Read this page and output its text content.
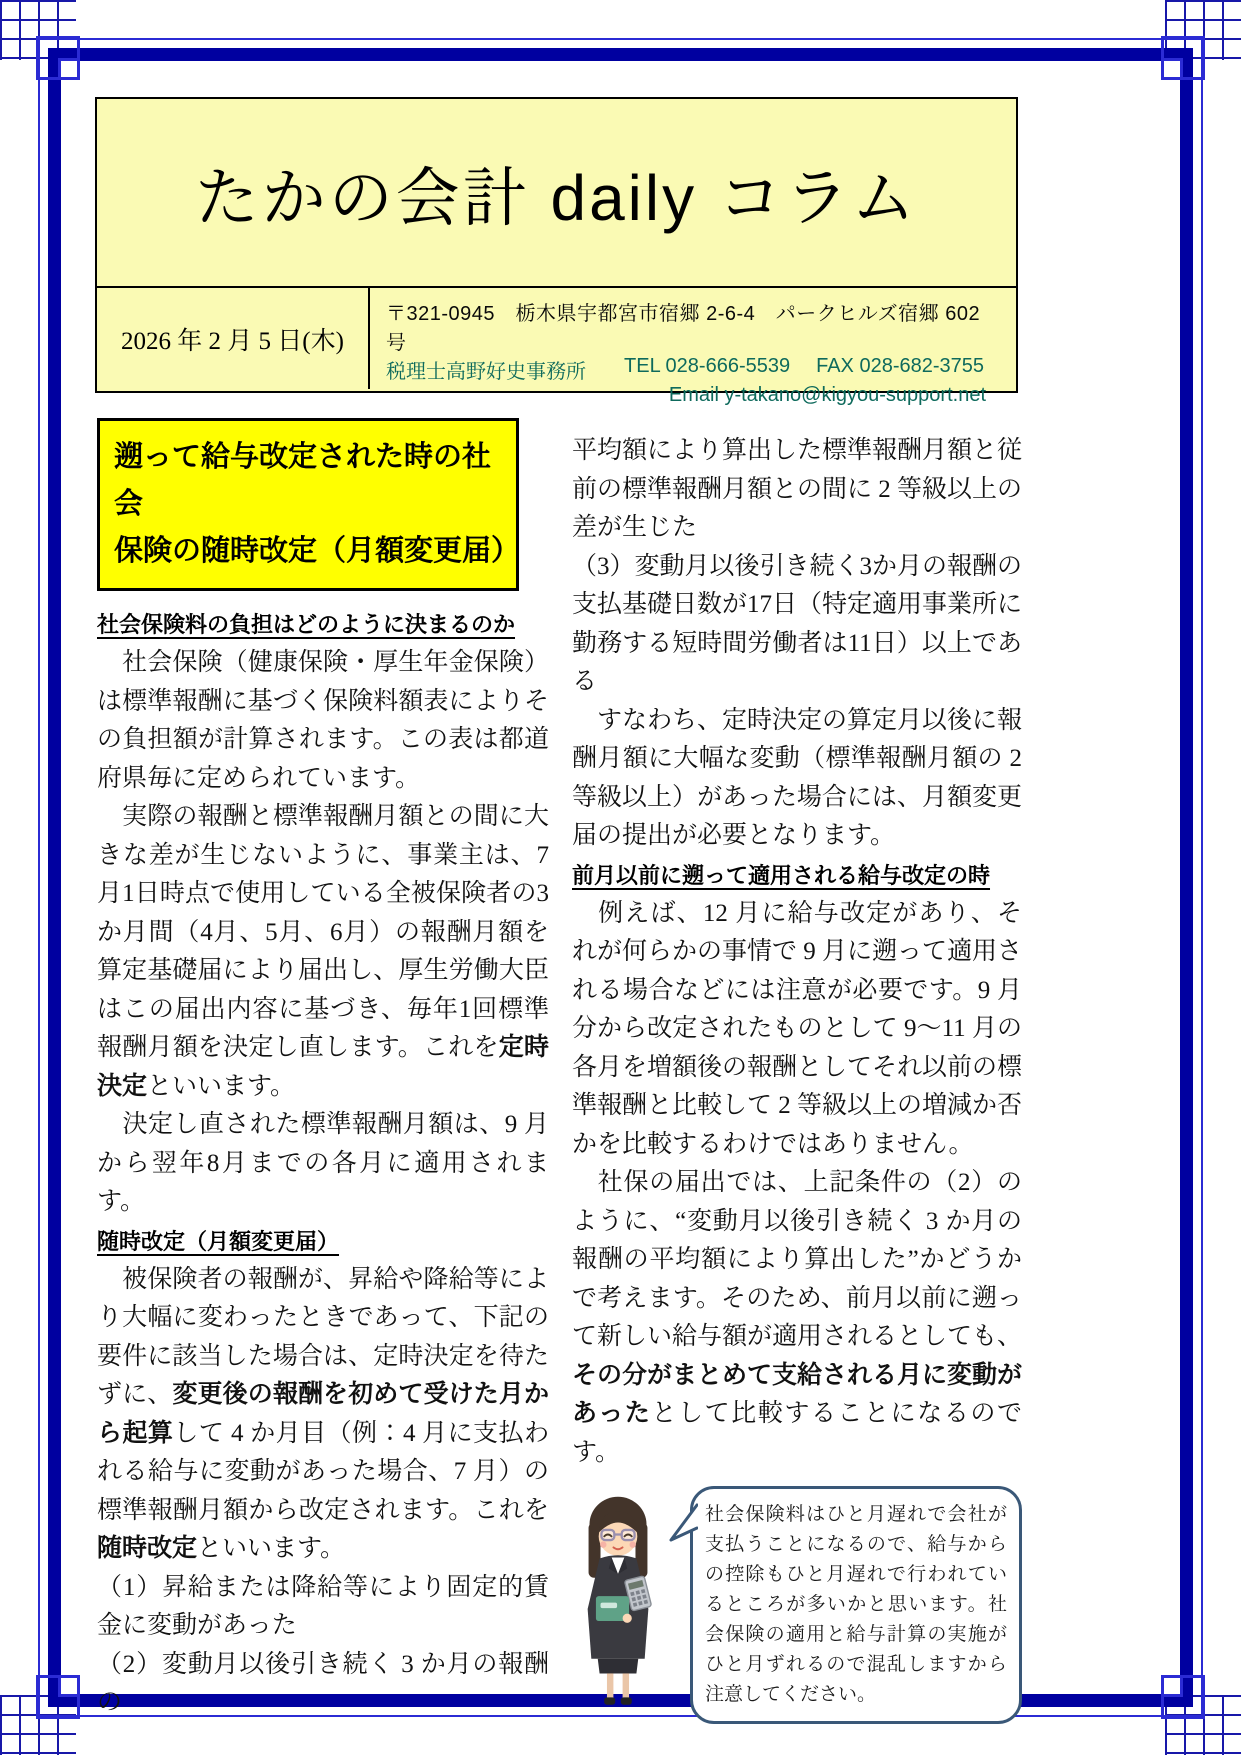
たかの会計 daily コラム
2026 年 2 月 5 日(木)
〒321-0945　栃木県宇都宮市宿郷 2-6-4　パークヒルズ宿郷 602 号
税理士高野好史事務所 TEL 028-666-5539 FAX 028-682-3755
Email y-takano@kigyou-support.net
遡って給与改定された時の社会
保険の随時改定（月額変更届）
社会保険料の負担はどのように決まるのか

　社会保険（健康保険・厚生年金保険）は標準報酬に基づく保険料額表によりその負担額が計算されます。この表は都道府県毎に定められています。

　実際の報酬と標準報酬月額との間に大きな差が生じないように、事業主は、7月1日時点で使用している全被保険者の3か月間（4月、5月、6月）の報酬月額を算定基礎届により届出し、厚生労働大臣はこの届出内容に基づき、毎年1回標準報酬月額を決定し直します。これを定時決定といいます。

　決定し直された標準報酬月額は、9 月から翌年8月までの各月に適用されます。

随時改定（月額変更届）

　被保険者の報酬が、昇給や降給等により大幅に変わったときであって、下記の要件に該当した場合は、定時決定を待たずに、変更後の報酬を初めて受けた月から起算して 4 か月目（例：4 月に支払われる給与に変動があった場合、7 月）の標準報酬月額から改定されます。これを随時改定といいます。

（1）昇給または降給等により固定的賃金に変動があった

（2）変動月以後引き続く 3 か月の報酬の

平均額により算出した標準報酬月額と従前の標準報酬月額との間に 2 等級以上の差が生じた

（3）変動月以後引き続く3か月の報酬の支払基礎日数が17日（特定適用事業所に勤務する短時間労働者は11日）以上である

　すなわち、定時決定の算定月以後に報酬月額に大幅な変動（標準報酬月額の 2 等級以上）があった場合には、月額変更届の提出が必要となります。

前月以前に遡って適用される給与改定の時

　例えば、12 月に給与改定があり、それが何らかの事情で 9 月に遡って適用される場合などには注意が必要です。9 月分から改定されたものとして 9～11 月の各月を増額後の報酬としてそれ以前の標準報酬と比較して 2 等級以上の増減か否かを比較するわけではありません。

　社保の届出では、上記条件の（2）のように、“変動月以後引き続く 3 か月の報酬の平均額により算出した”かどうかで考えます。そのため、前月以前に遡って新しい給与額が適用されるとしても、その分がまとめて支給される月に変動があったとして比較することになるのです。

社会保険料はひと月遅れで会社が支払うことになるので、給与からの控除もひと月遅れで行われているところが多いかと思います。社会保険の適用と給与計算の実施がひと月ずれるので混乱しますから注意してください。
